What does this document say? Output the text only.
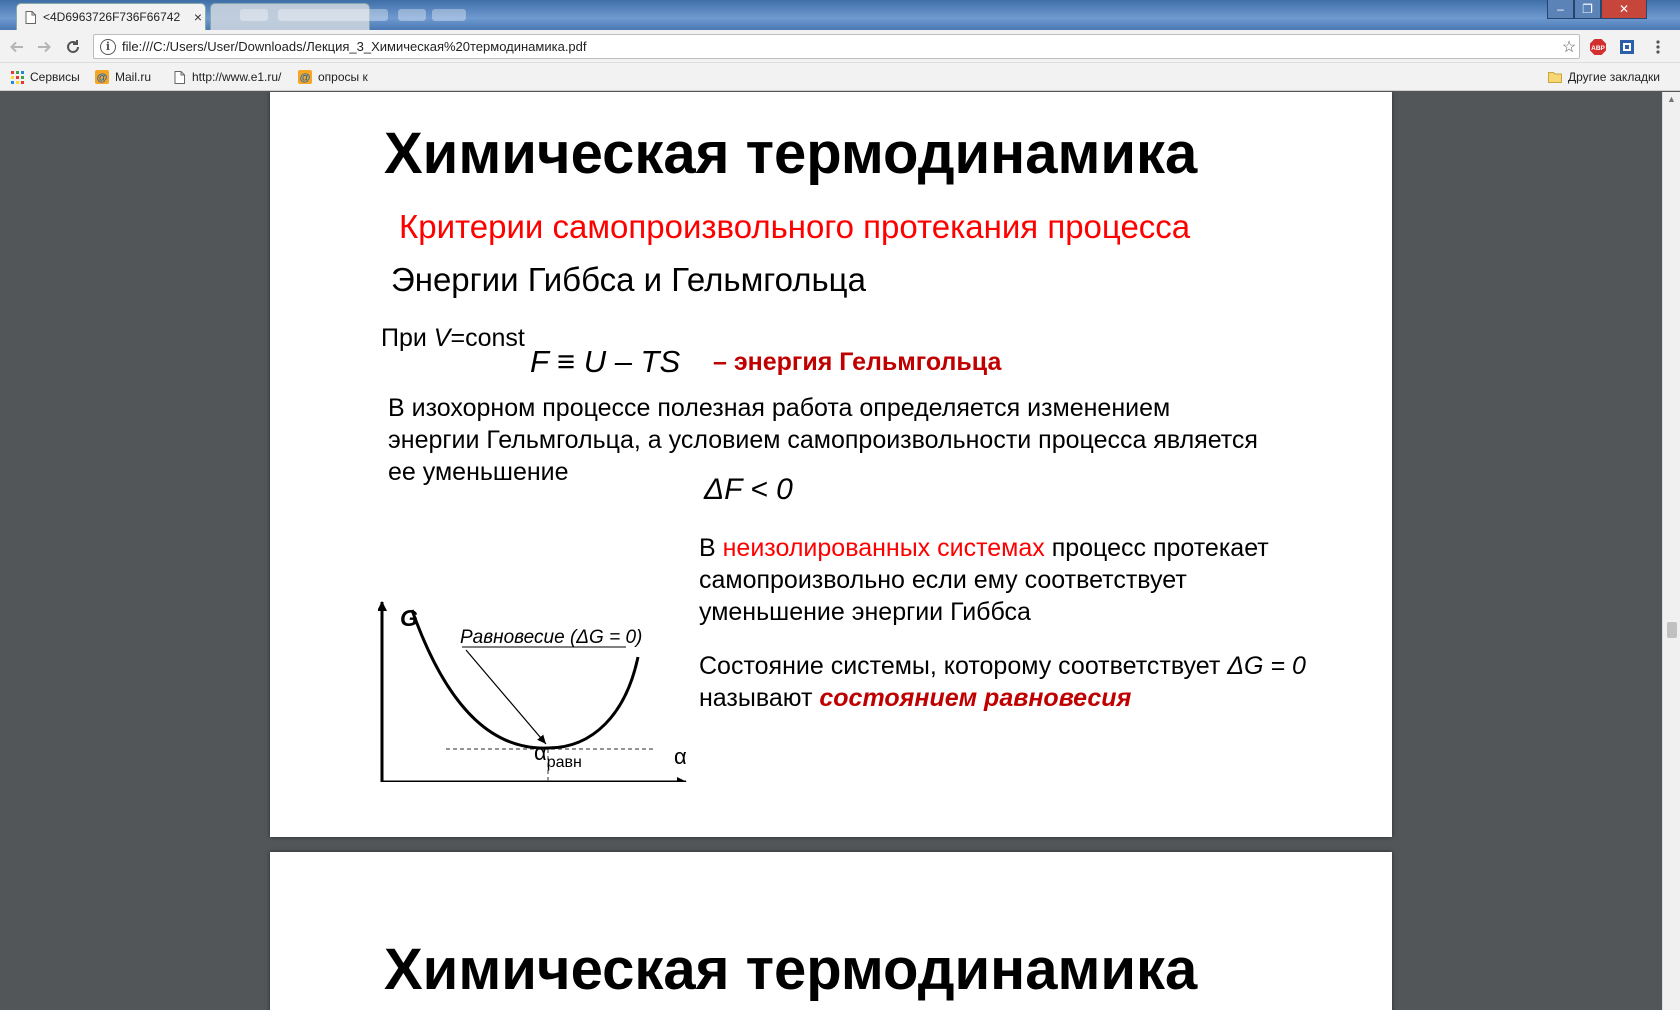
<4D6963726F736F66742 ×	–	❐	✕
i file:///C:/Users/User/Downloads/Лекция_3_Химическая%20термодинамика.pdf	☆	ABP
Сервисы @ Mail.ru	http://www.e1.ru/ @ опросы к	Другие закладки
Химическая термодинамика
Критерии самопроизвольного протекания процесса
Энергии Гиббса и Гельмгольца
При V=const
F ≡ U – TS – энергия Гельмгольца
В изохорном процессе полезная работа определяется изменением энергии Гельмгольца, а условием самопроизвольности процесса является ее уменьшение
ΔF < 0
G
Равновесие (ΔG = 0)
α
$\alpha_{равн}$
В неизолированных системах процесс протекает самопроизвольно если ему соответствует уменьшение энергии Гиббса
Состояние системы, которому соответствует ΔG = 0 называют состоянием равновесия
Химическая термодинамика
▲
